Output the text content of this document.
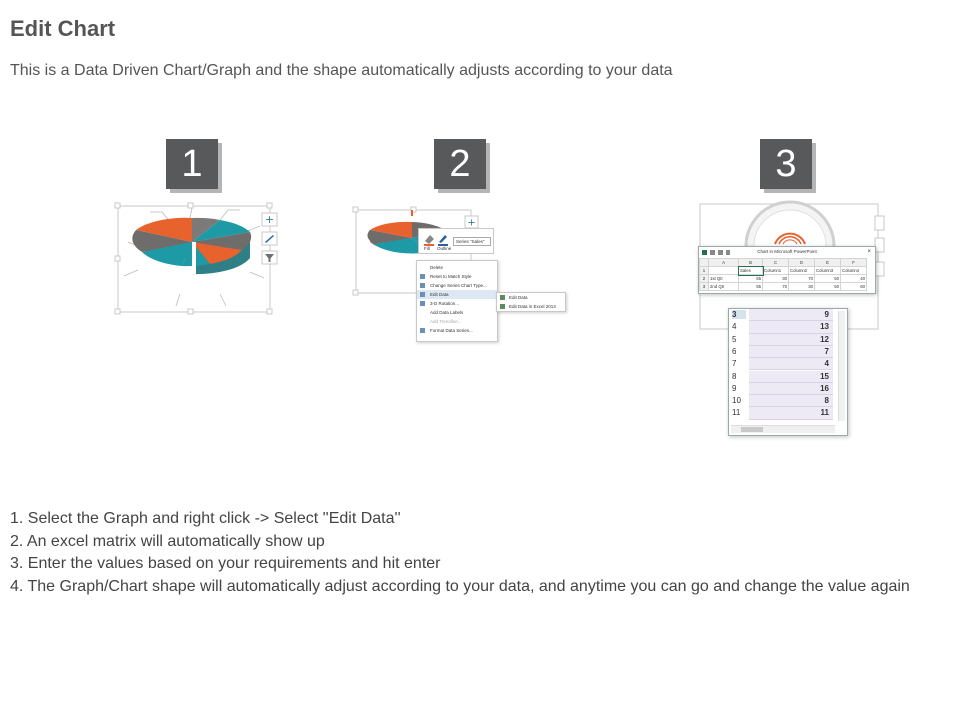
Edit Chart
This is a Data Driven Chart/Graph and the shape automatically adjusts according to your data
1	2	3
+	+
Fill Outline
Series "Sales"
Delete
Reset to Match Style
Change Series Chart Type...
Edit Data
3-D Rotation...
Add Data Labels
Add Trendline...
Format Data Series...
Edit Data
Edit Data in Excel 2013
Chart in Microsoft PowerPoint	×
	A	B	C	D	E	F
1		Sales	Column1	Column2	Column3	Column4
2	1st Qtr	65	30	70	50	40
3	2nd Qtr	55	70	30	50	60
3	9
4	13
5	12
6	7
7	4
8	15
9	16
10	8
11	11
1. Select the Graph and right click -> Select ''Edit Data''
2. An excel matrix will automatically show up
3. Enter the values based on your requirements and hit enter
4. The Graph/Chart shape will automatically adjust according to your data, and anytime you can go and change the value again
